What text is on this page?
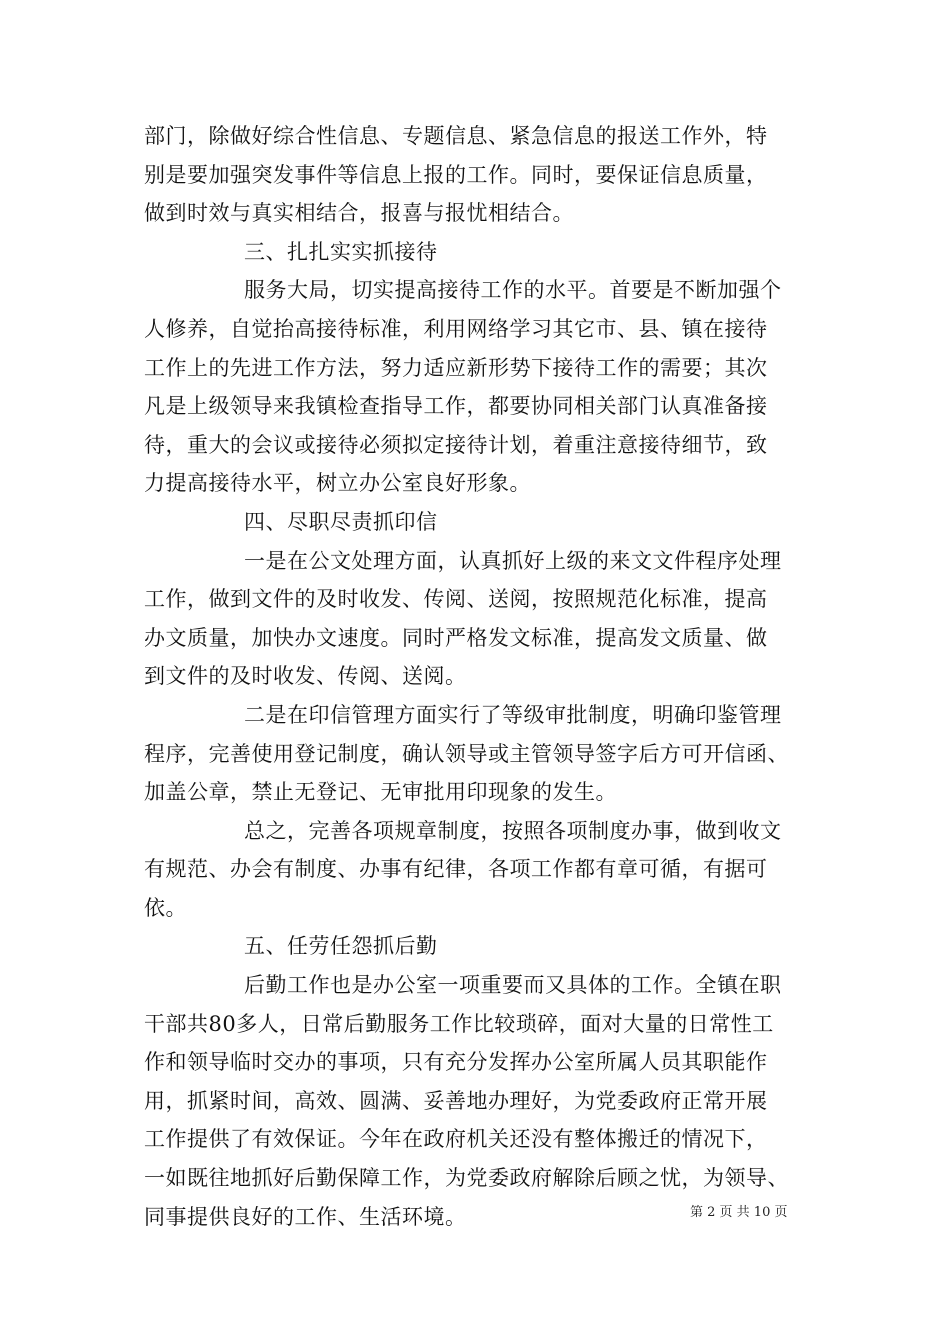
部门，除做好综合性信息、专题信息、紧急信息的报送工作外，特
别是要加强突发事件等信息上报的工作。同时，要保证信息质量，
做到时效与真实相结合，报喜与报忧相结合。
三、扎扎实实抓接待
服务大局，切实提高接待工作的水平。首要是不断加强个
人修养，自觉抬高接待标准，利用网络学习其它市、县、镇在接待
工作上的先进工作方法，努力适应新形势下接待工作的需要；其次
凡是上级领导来我镇检查指导工作，都要协同相关部门认真准备接
待，重大的会议或接待必须拟定接待计划，着重注意接待细节，致
力提高接待水平，树立办公室良好形象。
四、尽职尽责抓印信
一是在公文处理方面，认真抓好上级的来文文件程序处理
工作，做到文件的及时收发、传阅、送阅，按照规范化标准，提高
办文质量，加快办文速度。同时严格发文标准，提高发文质量、做
到文件的及时收发、传阅、送阅。
二是在印信管理方面实行了等级审批制度，明确印鉴管理
程序，完善使用登记制度，确认领导或主管领导签字后方可开信函、
加盖公章，禁止无登记、无审批用印现象的发生。
总之，完善各项规章制度，按照各项制度办事，做到收文
有规范、办会有制度、办事有纪律，各项工作都有章可循，有据可
依。
五、任劳任怨抓后勤
后勤工作也是办公室一项重要而又具体的工作。全镇在职
干部共80多人，日常后勤服务工作比较琐碎，面对大量的日常性工
作和领导临时交办的事项，只有充分发挥办公室所属人员其职能作
用，抓紧时间，高效、圆满、妥善地办理好，为党委政府正常开展
工作提供了有效保证。今年在政府机关还没有整体搬迁的情况下，
一如既往地抓好后勤保障工作，为党委政府解除后顾之忧，为领导、
同事提供良好的工作、生活环境。	第 2 页 共 10 页
